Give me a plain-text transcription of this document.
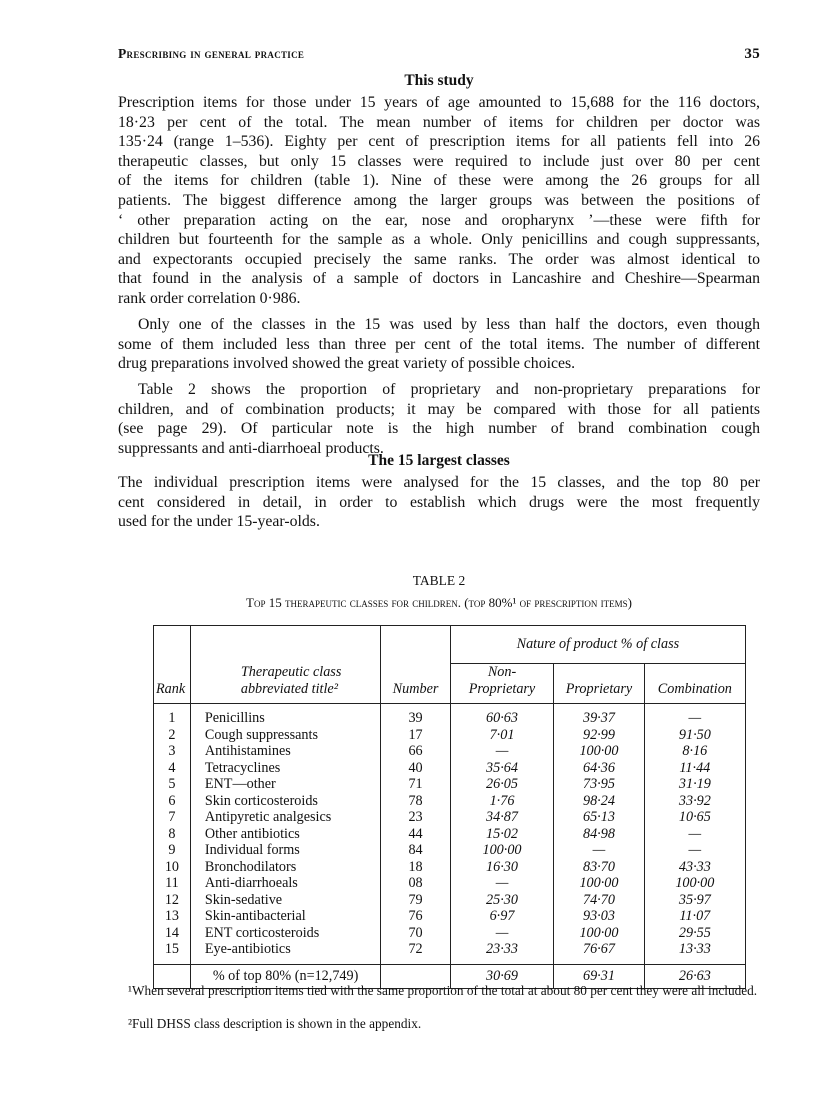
Prescribing in general practice	35
This study
Prescription items for those under 15 years of age amounted to 15,688 for the 116 doctors,
18·23 per cent of the total. The mean number of items for children per doctor was
135·24 (range 1–536). Eighty per cent of prescription items for all patients fell into 26
therapeutic classes, but only 15 classes were required to include just over 80 per cent
of the items for children (table 1). Nine of these were among the 26 groups for all
patients. The biggest difference among the larger groups was between the positions of
‘ other preparation acting on the ear, nose and oropharynx ’—these were fifth for
children but fourteenth for the sample as a whole. Only penicillins and cough suppressants,
and expectorants occupied precisely the same ranks. The order was almost identical to
that found in the analysis of a sample of doctors in Lancashire and Cheshire—Spearman
rank order correlation 0·986.
Only one of the classes in the 15 was used by less than half the doctors, even though
some of them included less than three per cent of the total items. The number of different
drug preparations involved showed the great variety of possible choices.
Table 2 shows the proportion of proprietary and non-proprietary preparations for
children, and of combination products; it may be compared with those for all patients
(see page 29). Of particular note is the high number of brand combination cough
suppressants and anti-diarrhoeal products.
The 15 largest classes
The individual prescription items were analysed for the 15 classes, and the top 80 per
cent considered in detail, in order to establish which drugs were the most frequently
used for the under 15-year-olds.
TABLE 2
Top 15 therapeutic classes for children. (top 80%¹ of prescription items)
Rank	Therapeutic class abbreviated title²	Number	Nature of product % of class		
			Non-Proprietary	Proprietary	Combination
1	Penicillins	39	60·63	39·37	—
2	Cough suppressants	17	7·01	92·99	91·50
3	Antihistamines	66	—	100·00	8·16
4	Tetracyclines	40	35·64	64·36	11·44
5	ENT—other	71	26·05	73·95	31·19
6	Skin corticosteroids	78	1·76	98·24	33·92
7	Antipyretic analgesics	23	34·87	65·13	10·65
8	Other antibiotics	44	15·02	84·98	—
9	Individual forms	84	100·00	—	—
10	Bronchodilators	18	16·30	83·70	43·33
11	Anti-diarrhoeals	08	—	100·00	100·00
12	Skin-sedative	79	25·30	74·70	35·97
13	Skin-antibacterial	76	6·97	93·03	11·07
14	ENT corticosteroids	70	—	100·00	29·55
15	Eye-antibiotics	72	23·33	76·67	13·33
	% of top 80% (n=12,749)		30·69	69·31	26·63
¹When several prescription items tied with the same proportion of the total at about 80 per cent they were all included.
²Full DHSS class description is shown in the appendix.
